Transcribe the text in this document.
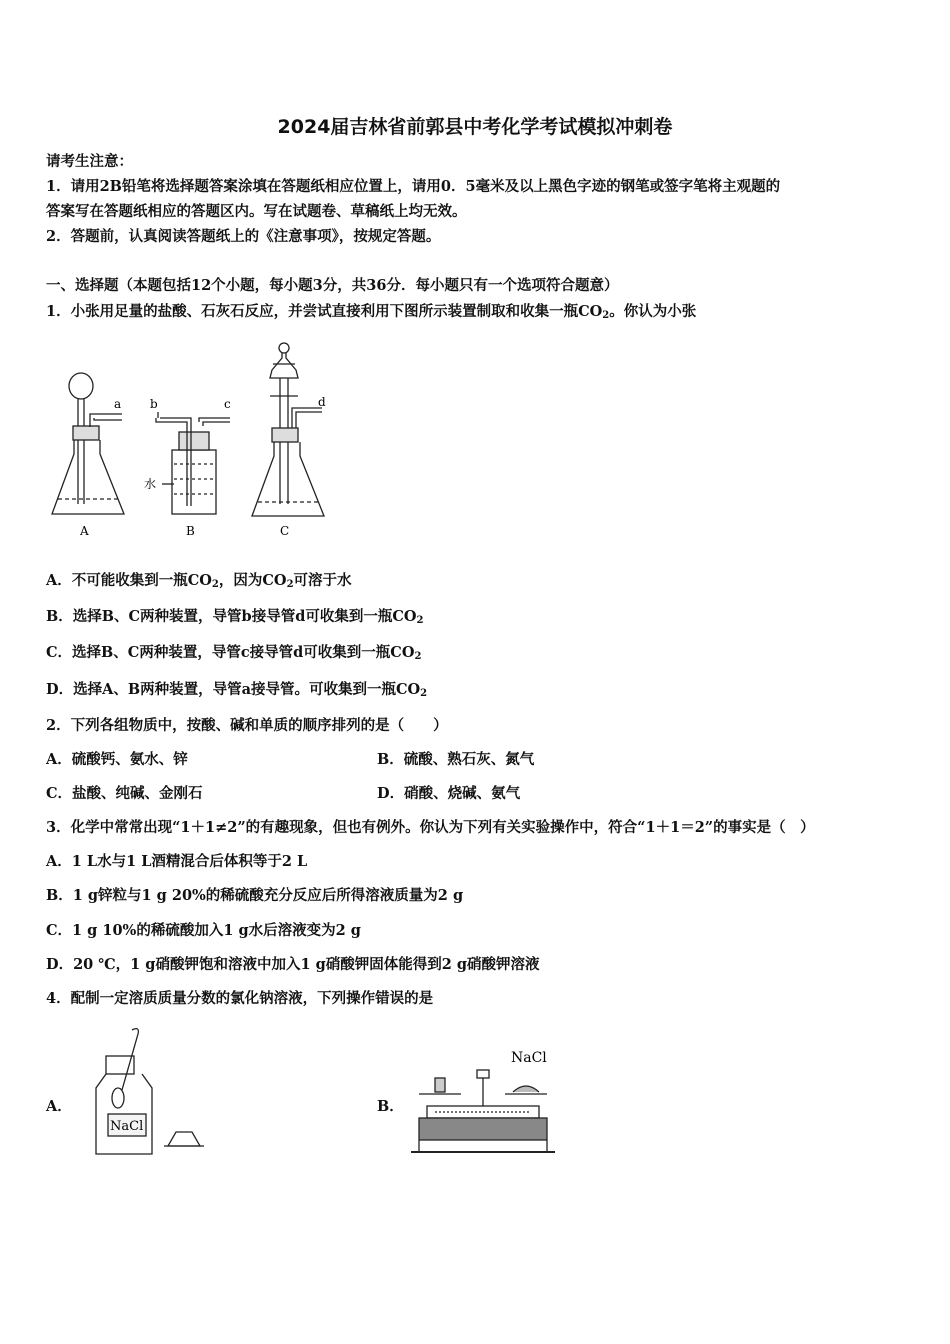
2024届吉林省前郭县中考化学考试模拟冲刺卷
请考生注意：
1．请用2B铅笔将选择题答案涂填在答题纸相应位置上，请用0．5毫米及以上黑色字迹的钢笔或签字笔将主观题的
答案写在答题纸相应的答题区内。写在试题卷、草稿纸上均无效。
2．答题前，认真阅读答题纸上的《注意事项》，按规定答题。
一、选择题（本题包括12个小题，每小题3分，共36分．每小题只有一个选项符合题意）
1．小张用足量的盐酸、石灰石反应，并尝试直接利用下图所示装置制取和收集一瓶$CO_2$。你认为小张
a b	c	d
水
A	B	C
A．不可能收集到一瓶$CO_2$，因为$CO_2$可溶于水
B．选择B、C两种装置，导管b接导管d可收集到一瓶$CO_2$
C．选择B、C两种装置，导管c接导管d可收集到一瓶$CO_2$
D．选择A、B两种装置，导管a接导管。可收集到一瓶$CO_2$
2．下列各组物质中，按酸、碱和单质的顺序排列的是（　　）
A．硫酸钙、氨水、锌	B．硫酸、熟石灰、氮气
C．盐酸、纯碱、金刚石	D．硝酸、烧碱、氨气
3．化学中常常出现“1＋1≠2”的有趣现象，但也有例外。你认为下列有关实验操作中，符合“1＋1＝2”的事实是（　）
A．1 L水与1 L酒精混合后体积等于2 L
B．1 g锌粒与1 g 20%的稀硫酸充分反应后所得溶液质量为2 g
C．1 g 10%的稀硫酸加入1 g水后溶液变为2 g
D．20 ℃，1 g硝酸钾饱和溶液中加入1 g硝酸钾固体能得到2 g硝酸钾溶液
4．配制一定溶质质量分数的氯化钠溶液，下列操作错误的是
A．
NaCl
B．
NaCl
